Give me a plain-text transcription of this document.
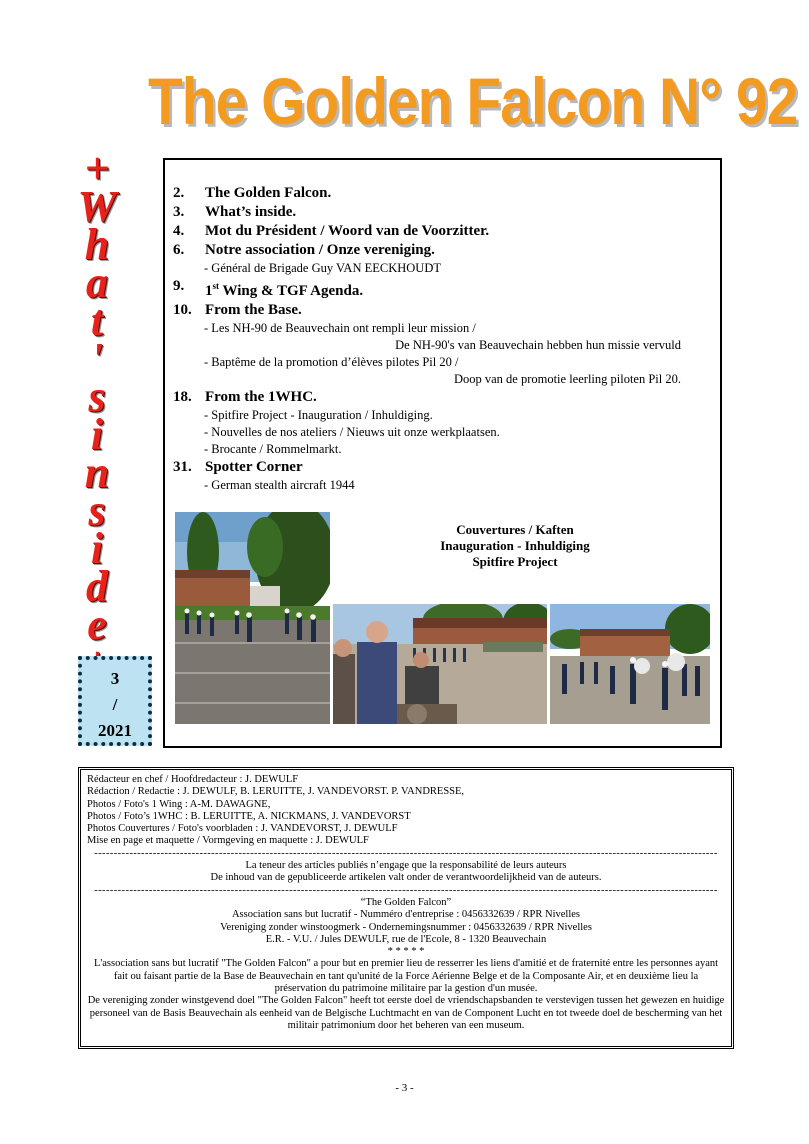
The Golden Falcon N° 92
+
W
h
a
t
'
s
i
n
s
i
d
e
3
/
2021
2. The Golden Falcon.
3. What’s inside.
4. Mot du Président / Woord van de Voorzitter.
6. Notre association / Onze vereniging.
- Général de Brigade Guy VAN EECKHOUDT
9. 1st Wing & TGF Agenda.
10. From the Base.
- Les NH-90 de Beauvechain ont rempli leur mission /
De NH-90's van Beauvechain hebben hun missie vervuld
- Baptême de la promotion d’élèves pilotes Pil 20 /
Doop van de promotie leerling piloten Pil 20.
18. From the 1WHC.
- Spitfire Project - Inauguration / Inhuldiging.
- Nouvelles de nos ateliers / Nieuws uit onze werkplaatsen.
- Brocante / Rommelmarkt.
31. Spotter Corner
- German stealth aircraft 1944
Couvertures / Kaften
Inauguration - Inhuldiging
Spitfire Project
Rédacteur en chef / Hoofdredacteur : J. DEWULF
Rédaction / Redactie : J. DEWULF, B. LERUITTE, J. VANDEVORST. P. VANDRESSE,
Photos / Foto's 1 Wing : A-M. DAWAGNE,
Photos / Foto’s 1WHC : B. LERUITTE, A. NICKMANS, J. VANDEVORST
Photos Couvertures / Foto's voorbladen : J. VANDEVORST, J. DEWULF
Mise en page et maquette / Vormgeving en maquette : J. DEWULF
----------------------------------------------------------------------------------------------------------------------------------------------------------------
La teneur des articles publiés n’engage que la responsabilité de leurs auteurs
De inhoud van de gepubliceerde artikelen valt onder de verantwoordelijkheid van de auteurs.
----------------------------------------------------------------------------------------------------------------------------------------------------------------
“The Golden Falcon”
Association sans but lucratif - Numméro d'entreprise : 0456332639 / RPR Nivelles
Vereniging zonder winstoogmerk - Ondernemingsnummer : 0456332639 / RPR Nivelles
E.R. - V.U. / Jules DEWULF, rue de l'Ecole, 8 - 1320 Beauvechain
* * * * *
L'association sans but lucratif "The Golden Falcon" a pour but en premier lieu de resserrer les liens d'amitié et de fraternité entre les personnes ayant fait ou faisant partie de la Base de Beauvechain en tant qu'unité de la Force Aérienne Belge et de la Composante Air, et en deuxième lieu la préservation du patrimoine militaire par la gestion d'un musée.
De vereniging zonder winstgevend doel "The Golden Falcon" heeft tot eerste doel de vriendschapsbanden te verstevigen tussen het gewezen en huidige personeel van de Basis Beauvechain als eenheid van de Belgische Luchtmacht en van de Component Lucht en tot tweede doel de bescherming van het militair patrimonium door het beheren van een museum.
- 3 -
